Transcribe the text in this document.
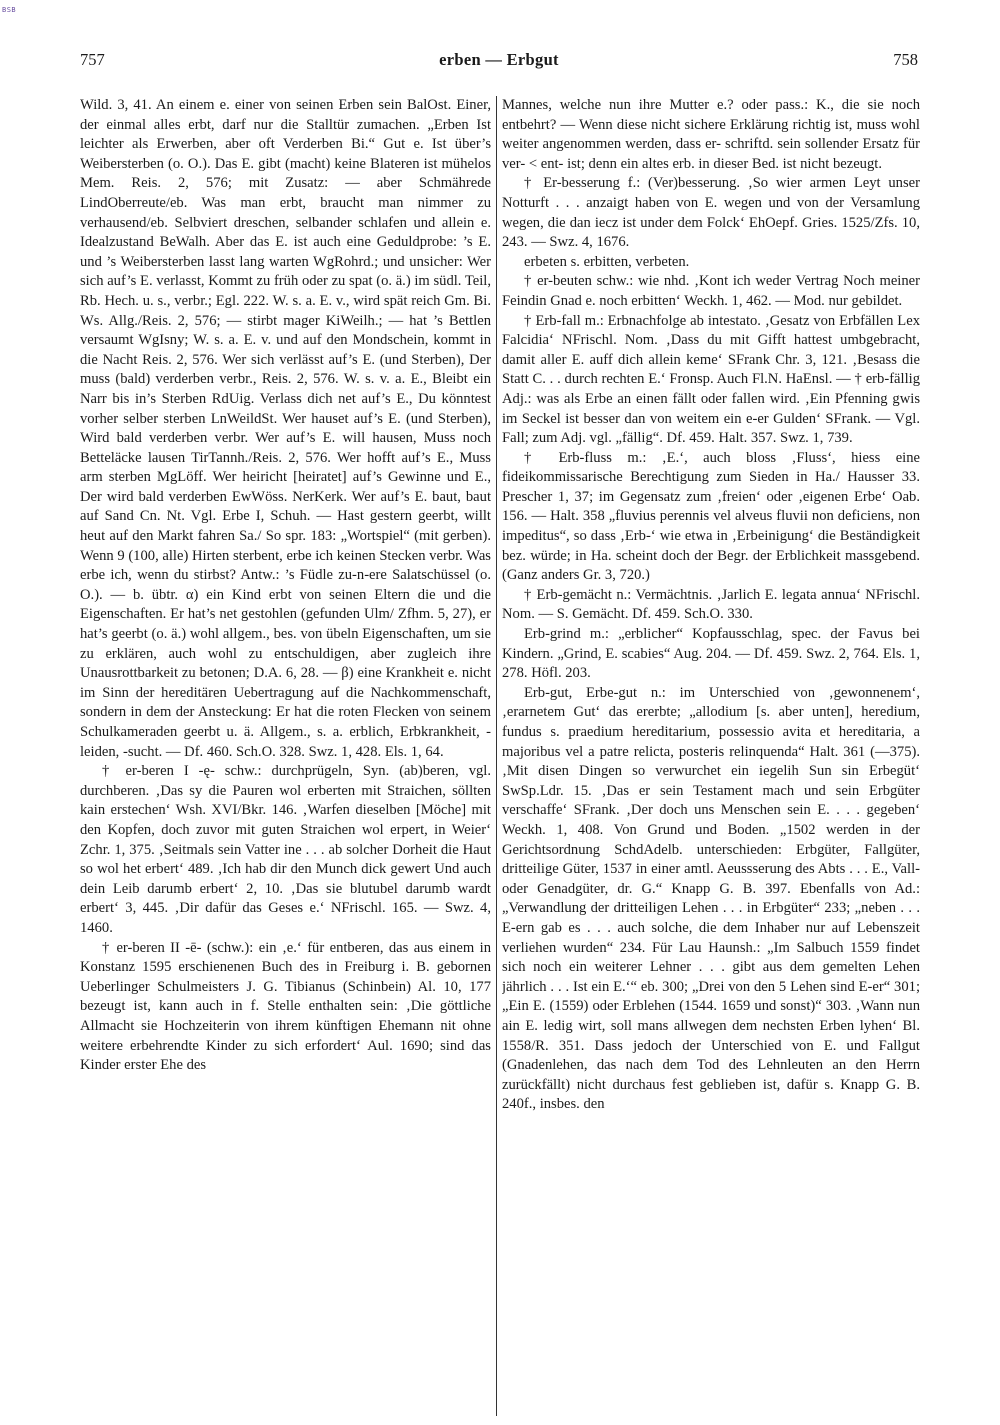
BSB
757	erben — Erbgut	758

Wild. 3, 41. An einem e. einer von seinen Erben sein BalOst. Einer, der einmal alles erbt, darf nur die Stalltür zumachen. „Erben Ist leichter als Erwerben, aber oft Verderben Bi.“ Gut e. Ist über’s Weibersterben (o. O.). Das E. gibt (macht) keine Blateren ist mühelos Mem. Reis. 2, 576; mit Zusatz: — aber Schmährede LindOberreute/eb. Was man erbt, braucht man nimmer zu verhausend/eb. Selbviert dreschen, selbander schlafen und allein e. Idealzustand BeWalh. Aber das E. ist auch eine Geduldprobe: ’s E. und ’s Weibersterben lasst lang warten WgRohrd.; und unsicher: Wer sich auf’s E. verlasst, Kommt zu früh oder zu spat (o. ä.) im südl. Teil, Rb. Hech. u. s., verbr.; Egl. 222. W. s. a. E. v., wird spät reich Gm. Bi. Ws. Allg./Reis. 2, 576; — stirbt mager KiWeilh.; — hat ’s Bettlen versaumt WgIsny; W. s. a. E. v. und auf den Mondschein, kommt in die Nacht Reis. 2, 576. Wer sich verlässt auf’s E. (und Sterben), Der muss (bald) verderben verbr., Reis. 2, 576. W. s. v. a. E., Bleibt ein Narr bis in’s Sterben RdUig. Verlass dich net auf’s E., Du könntest vorher selber sterben LnWeildSt. Wer hauset auf’s E. (und Sterben), Wird bald verderben verbr. Wer auf’s E. will hausen, Muss noch Betteläcke lausen TirTannh./Reis. 2, 576. Wer hofft auf’s E., Muss arm sterben MgLöff. Wer heiricht [heiratet] auf’s Gewinne und E., Der wird bald verderben EwWöss. NerKerk. Wer auf’s E. baut, baut auf Sand Cn. Nt. Vgl. Erbe I, Schuh. — Hast gestern geerbt, willt heut auf den Markt fahren Sa./ So spr. 183: „Wortspiel“ (mit gerben). Wenn 9 (100, alle) Hirten sterbent, erbe ich keinen Stecken verbr. Was erbe ich, wenn du stirbst? Antw.: ’s Füdle zu-n-ere Salatschüssel (o. O.). — b. übtr. α) ein Kind erbt von seinen Eltern die und die Eigenschaften. Er hat’s net gestohlen (gefunden Ulm/ Zfhm. 5, 27), er hat’s geerbt (o. ä.) wohl allgem., bes. von übeln Eigenschaften, um sie zu erklären, auch wohl zu entschuldigen, aber zugleich ihre Unausrottbarkeit zu betonen; D.A. 6, 28. — β) eine Krankheit e. nicht im Sinn der hereditären Uebertragung auf die Nachkommenschaft, sondern in dem der Ansteckung: Er hat die roten Flecken von seinem Schulkameraden geerbt u. ä. Allgem., s. a. erblich, Erbkrankheit, -leiden, -sucht. — Df. 460. Sch.O. 328. Swz. 1, 428. Els. 1, 64.

† er-beren I -ę- schw.: durchprügeln, Syn. (ab)beren, vgl. durchberen. ‚Das sy die Pauren wol erberten mit Straichen, söllten kain erstechen‘ Wsh. XVI/Bkr. 146. ‚Warfen dieselben [Möche] mit den Kopfen, doch zuvor mit guten Straichen wol erpert, in Weier‘ Zchr. 1, 375. ‚Seitmals sein Vatter ine . . . ab solcher Dorheit die Haut so wol het erbert‘ 489. ‚Ich hab dir den Munch dick gewert Und auch dein Leib darumb erbert‘ 2, 10. ‚Das sie blutubel darumb wardt erbert‘ 3, 445. ‚Dir dafür das Geses e.‘ NFrischl. 165. — Swz. 4, 1460.

† er-beren II -ē- (schw.): ein ‚e.‘ für entberen, das aus einem in Konstanz 1595 erschienenen Buch des in Freiburg i. B. gebornen Ueberlinger Schulmeisters J. G. Tibianus (Schinbein) Al. 10, 177 bezeugt ist, kann auch in f. Stelle enthalten sein: ‚Die göttliche Allmacht sie Hochzeiterin von ihrem künftigen Ehemann nit ohne weitere erbehrendte Kinder zu sich erfordert‘ Aul. 1690; sind das Kinder erster Ehe des

Mannes, welche nun ihre Mutter e.? oder pass.: K., die sie noch entbehrt? — Wenn diese nicht sichere Erklärung richtig ist, muss wohl weiter angenommen werden, dass er- schriftd. sein sollender Ersatz für ver- < ent- ist; denn ein altes erb. in dieser Bed. ist nicht bezeugt.

† Er-besserung f.: (Ver)besserung. ‚So wier armen Leyt unser Notturft . . . anzaigt haben von E. wegen und von der Versamlung wegen, die dan iecz ist under dem Folck‘ EhOepf. Gries. 1525/Zfs. 10, 243. — Swz. 4, 1676.

erbeten s. erbitten, verbeten.

† er-beuten schw.: wie nhd. ‚Kont ich weder Vertrag Noch meiner Feindin Gnad e. noch erbitten‘ Weckh. 1, 462. — Mod. nur gebildet.

† Erb-fall m.: Erbnachfolge ab intestato. ‚Gesatz von Erbfällen Lex Falcidia‘ NFrischl. Nom. ‚Dass du mit Gifft hattest umbgebracht, damit aller E. auff dich allein keme‘ SFrank Chr. 3, 121. ‚Besass die Statt C. . . durch rechten E.‘ Fronsp. Auch Fl.N. HaEnsl. — † erb-fällig Adj.: was als Erbe an einen fällt oder fallen wird. ‚Ein Pfenning gwis im Seckel ist besser dan von weitem ein e-er Gulden‘ SFrank. — Vgl. Fall; zum Adj. vgl. „fällig“. Df. 459. Halt. 357. Swz. 1, 739.

† Erb-fluss m.: ‚E.‘, auch bloss ‚Fluss‘, hiess eine fideikommissarische Berechtigung zum Sieden in Ha./ Hausser 33. Prescher 1, 37; im Gegensatz zum ‚freien‘ oder ‚eigenen Erbe‘ Oab. 156. — Halt. 358 „fluvius perennis vel alveus fluvii non deficiens, non impeditus“, so dass ‚Erb-‘ wie etwa in ‚Erbeinigung‘ die Beständigkeit bez. würde; in Ha. scheint doch der Begr. der Erblichkeit massgebend. (Ganz anders Gr. 3, 720.)

† Erb-gemächt n.: Vermächtnis. ‚Jarlich E. legata annua‘ NFrischl. Nom. — S. Gemächt. Df. 459. Sch.O. 330.

Erb-grind m.: „erblicher“ Kopfausschlag, spec. der Favus bei Kindern. „Grind, E. scabies“ Aug. 204. — Df. 459. Swz. 2, 764. Els. 1, 278. Höfl. 203.

Erb-gut, Erbe-gut n.: im Unterschied von ‚gewonnenem‘, ‚erarnetem Gut‘ das ererbte; „allodium [s. aber unten], heredium, fundus s. praedium hereditarium, possessio avita et hereditaria, a majoribus vel a patre relicta, posteris relinquenda“ Halt. 361 (—375). ‚Mit disen Dingen so verwurchet ein iegelih Sun sin Erbegüt‘ SwSp.Ldr. 15. ‚Das er sein Testament mach und sein Erbgüter verschaffe‘ SFrank. ‚Der doch uns Menschen sein E. . . . gegeben‘ Weckh. 1, 408. Von Grund und Boden. „1502 werden in der Gerichtsordnung SchdAdelb. unterschieden: Erbgüter, Fallgüter, dritteilige Güter, 1537 in einer amtl. Aeussserung des Abts . . . E., Vall- oder Genadgüter, dr. G.“ Knapp G. B. 397. Ebenfalls von Ad.: „Verwandlung der dritteiligen Lehen . . . in Erbgüter“ 233; „neben . . . E-ern gab es . . . auch solche, die dem Inhaber nur auf Lebenszeit verliehen wurden“ 234. Für Lau Haunsh.: „Im Salbuch 1559 findet sich noch ein weiterer Lehner . . . gibt aus dem gemelten Lehen jährlich . . . Ist ein E.‘“ eb. 300; „Drei von den 5 Lehen sind E-er“ 301; „Ein E. (1559) oder Erblehen (1544. 1659 und sonst)“ 303. ‚Wann nun ain E. ledig wirt, soll mans allwegen dem nechsten Erben lyhen‘ Bl. 1558/R. 351. Dass jedoch der Unterschied von E. und Fallgut (Gnadenlehen, das nach dem Tod des Lehnleuten an den Herrn zurückfällt) nicht durchaus fest geblieben ist, dafür s. Knapp G. B. 240f., insbes. den
